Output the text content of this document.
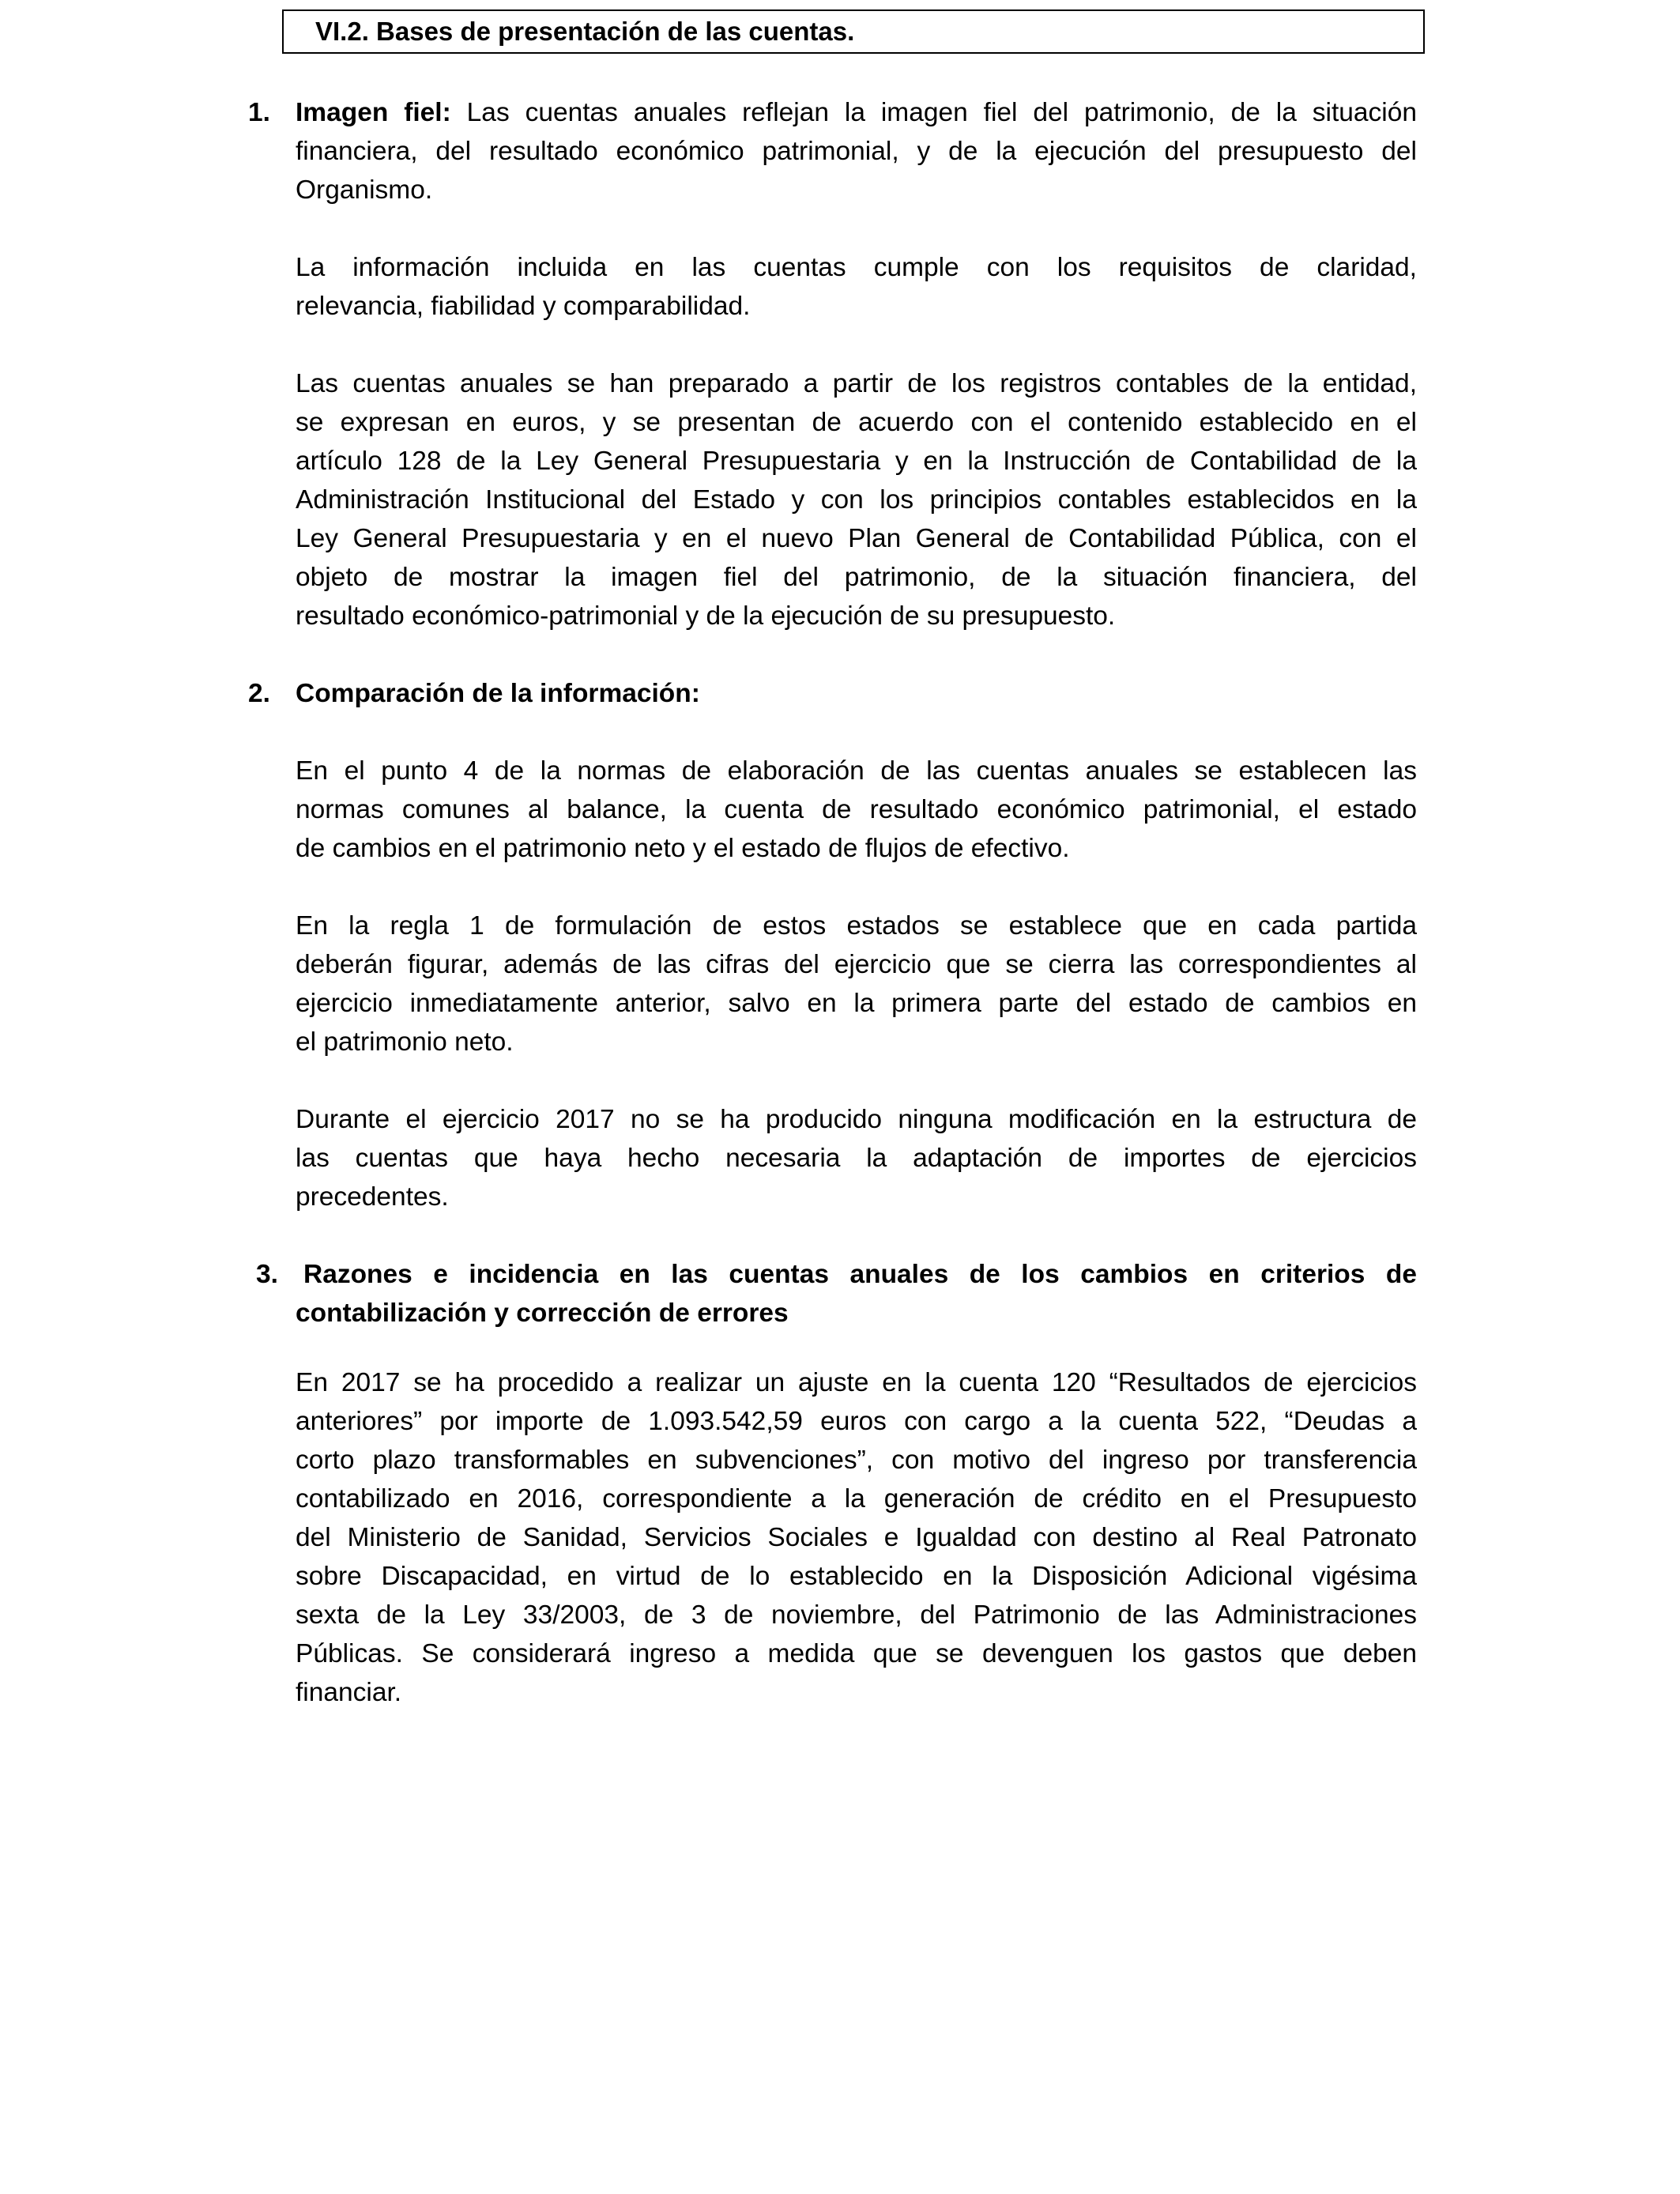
VI.2. Bases de presentación de las cuentas.
1. Imagen fiel: Las cuentas anuales reflejan la imagen fiel del patrimonio, de la situación
financiera, del resultado económico patrimonial, y de la ejecución del presupuesto del
Organismo.
La información incluida en las cuentas cumple con los requisitos de claridad,
relevancia, fiabilidad y comparabilidad.
Las cuentas anuales se han preparado a partir de los registros contables de la entidad,
se expresan en euros, y se presentan de acuerdo con el contenido establecido en el
artículo 128 de la Ley General Presupuestaria y en la Instrucción de Contabilidad de la
Administración Institucional del Estado y con los principios contables establecidos en la
Ley General Presupuestaria y en el nuevo Plan General de Contabilidad Pública, con el
objeto de mostrar la imagen fiel del patrimonio, de la situación financiera, del
resultado económico-patrimonial y de la ejecución de su presupuesto.
2. Comparación de la información:
En el punto 4 de la normas de elaboración de las cuentas anuales se establecen las
normas comunes al balance, la cuenta de resultado económico patrimonial, el estado
de cambios en el patrimonio neto y el estado de flujos de efectivo.
En la regla 1 de formulación de estos estados se establece que en cada partida
deberán figurar, además de las cifras del ejercicio que se cierra las correspondientes al
ejercicio inmediatamente anterior, salvo en la primera parte del estado de cambios en
el patrimonio neto.
Durante el ejercicio 2017 no se ha producido ninguna modificación en la estructura de
las cuentas que haya hecho necesaria la adaptación de importes de ejercicios
precedentes.
3. Razones e incidencia en las cuentas anuales de los cambios en criterios de
contabilización y corrección de errores
En 2017 se ha procedido a realizar un ajuste en la cuenta 120 “Resultados de ejercicios
anteriores” por importe de 1.093.542,59 euros con cargo a la cuenta 522, “Deudas a
corto plazo transformables en subvenciones”, con motivo del ingreso por transferencia
contabilizado en 2016, correspondiente a la generación de crédito en el Presupuesto
del Ministerio de Sanidad, Servicios Sociales e Igualdad con destino al Real Patronato
sobre Discapacidad, en virtud de lo establecido en la Disposición Adicional vigésima
sexta de la Ley 33/2003, de 3 de noviembre, del Patrimonio de las Administraciones
Públicas. Se considerará ingreso a medida que se devenguen los gastos que deben
financiar.
